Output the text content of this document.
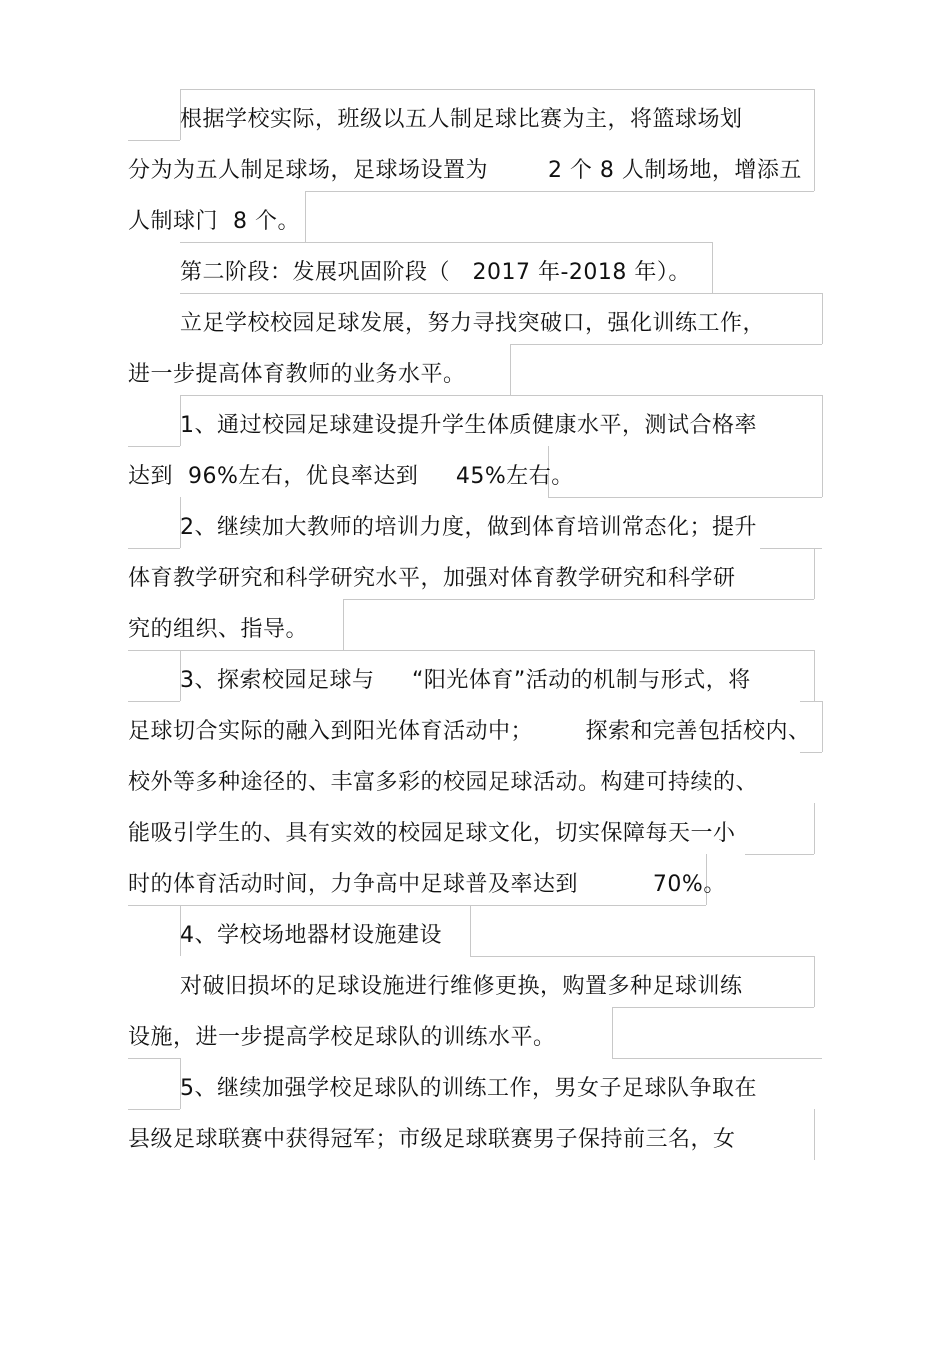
根据学校实际，班级以五人制足球比赛为主，将篮球场划
分为为五人制足球场，足球场设置为        2 个 8 人制场地，增添五
人制球门  8 个。
第二阶段：发展巩固阶段（   2017 年-2018 年）。
立足学校校园足球发展，努力寻找突破口，强化训练工作，
进一步提高体育教师的业务水平。
1、通过校园足球建设提升学生体质健康水平，测试合格率
达到  96%左右，优良率达到     45%左右。
2、继续加大教师的培训力度，做到体育培训常态化；提升
体育教学研究和科学研究水平，加强对体育教学研究和科学研
究的组织、指导。
3、探索校园足球与     “阳光体育”活动的机制与形式，将
足球切合实际的融入到阳光体育活动中；       探索和完善包括校内、
校外等多种途径的、丰富多彩的校园足球活动。构建可持续的、
能吸引学生的、具有实效的校园足球文化，切实保障每天一小
时的体育活动时间，力争高中足球普及率达到          70%。
4、学校场地器材设施建设
对破旧损坏的足球设施进行维修更换，购置多种足球训练
设施，进一步提高学校足球队的训练水平。
5、继续加强学校足球队的训练工作，男女子足球队争取在
县级足球联赛中获得冠军；市级足球联赛男子保持前三名，女
